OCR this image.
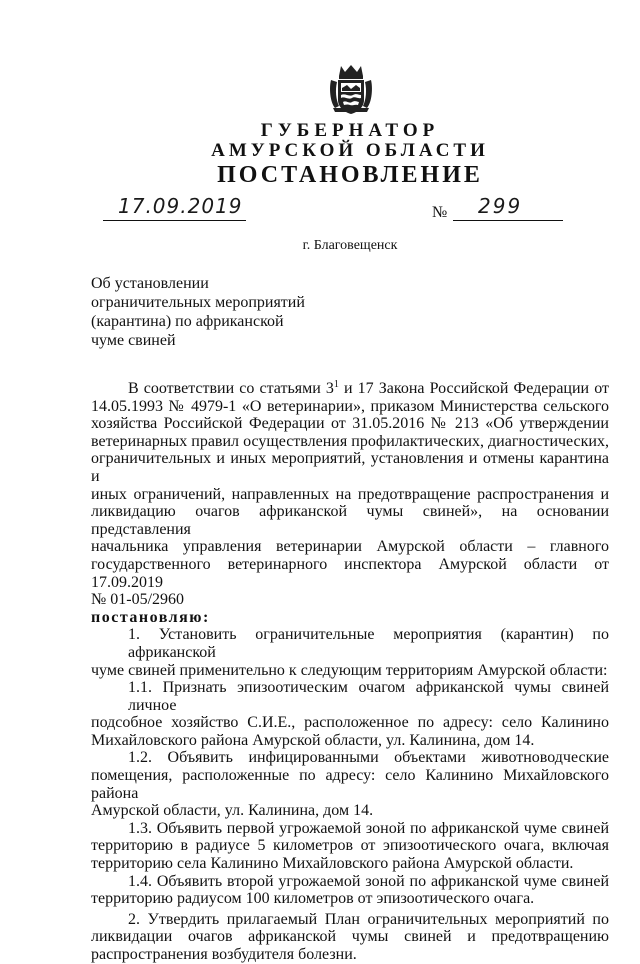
ГУБЕРНАТОР
АМУРСКОЙ ОБЛАСТИ
ПОСТАНОВЛЕНИЕ
17.09.2019	№ 299
г. Благовещенск
Об установлении
ограничительных мероприятий
(карантина) по африканской
чуме свиней
В соответствии со статьями $3^1$ и 17 Закона Российской Федерации от
14.05.1993 № 4979-1 «О ветеринарии», приказом Министерства сельского
хозяйства Российской Федерации от 31.05.2016 № 213 «Об утверждении
ветеринарных правил осуществления профилактических, диагностических,
ограничительных и иных мероприятий, установления и отмены карантина и
иных ограничений, направленных на предотвращение распространения и
ликвидацию очагов африканской чумы свиней», на основании представления
начальника управления ветеринарии Амурской области – главного
государственного ветеринарного инспектора Амурской области от 17.09.2019
№ 01-05/2960
постановляю:
1. Установить ограничительные мероприятия (карантин) по африканской
чуме свиней применительно к следующим территориям Амурской области:
1.1. Признать эпизоотическим очагом африканской чумы свиней личное
подсобное хозяйство С.И.Е., расположенное по адресу: село Калинино
Михайловского района Амурской области, ул. Калинина, дом 14.
1.2. Объявить инфицированными объектами животноводческие
помещения, расположенные по адресу: село Калинино Михайловского района
Амурской области, ул. Калинина, дом 14.
1.3. Объявить первой угрожаемой зоной по африканской чуме свиней
территорию в радиусе 5 километров от эпизоотического очага, включая
территорию села Калинино Михайловского района Амурской области.
1.4. Объявить второй угрожаемой зоной по африканской чуме свиней
территорию радиусом 100 километров от эпизоотического очага.
2. Утвердить прилагаемый План ограничительных мероприятий по
ликвидации очагов африканской чумы свиней и предотвращению
распространения возбудителя болезни.
